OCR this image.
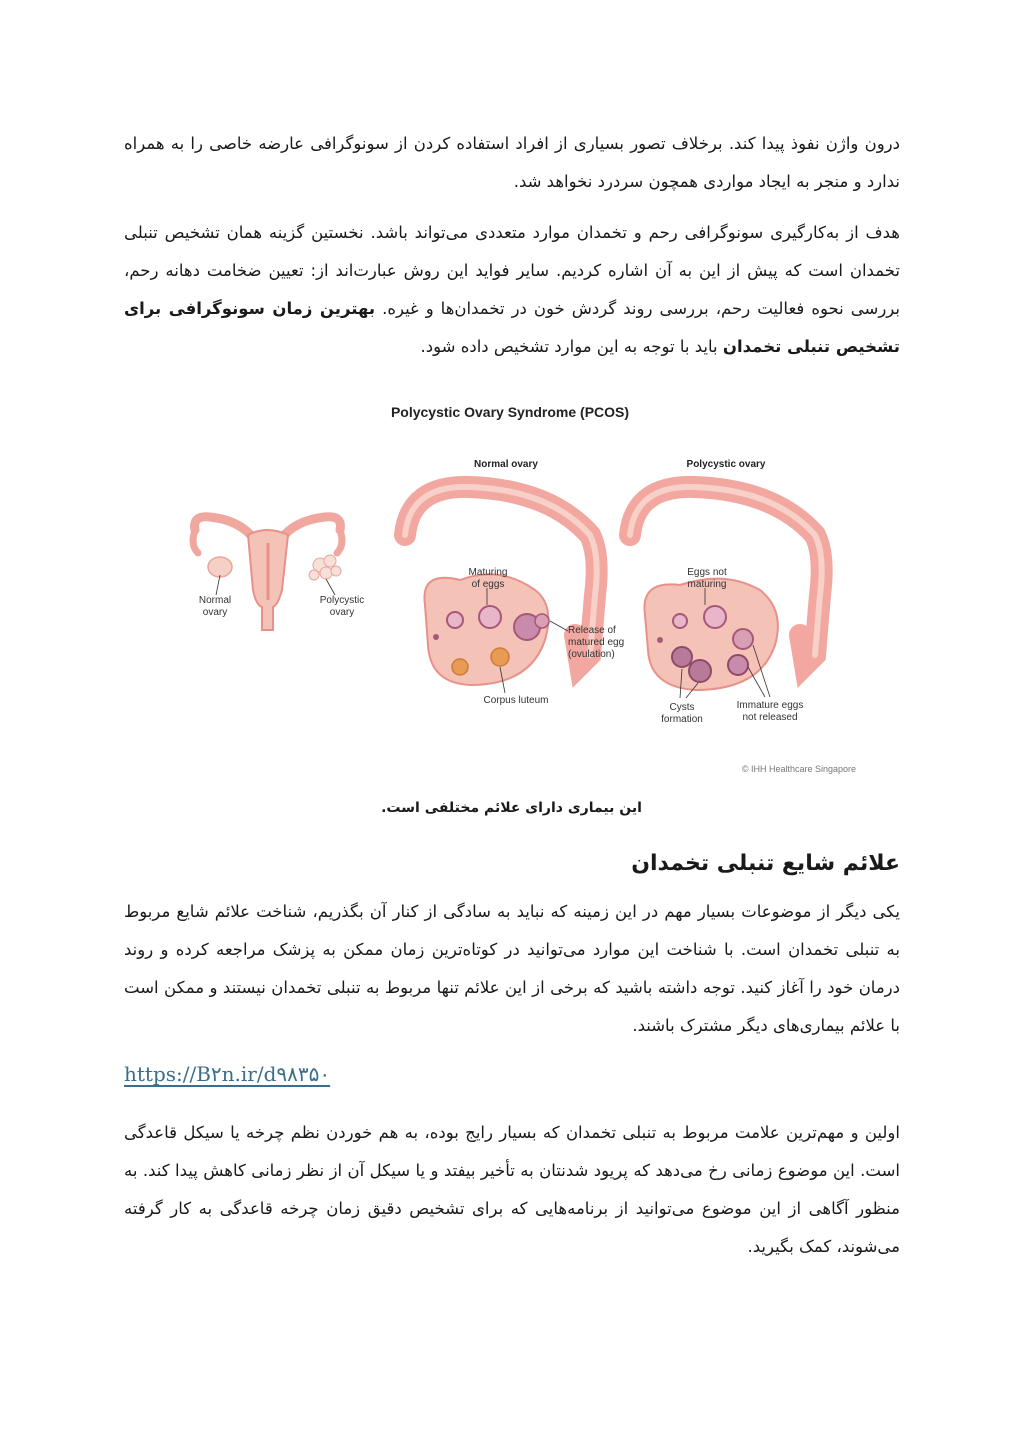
درون واژن نفوذ پیدا کند. برخلاف تصور بسیاری از افراد استفاده کردن از سونوگرافی عارضه خاصی را به همراه ندارد و منجر به ایجاد مواردی همچون سردرد نخواهد شد.

هدف از به‌کارگیری سونوگرافی رحم و تخمدان موارد متعددی می‌تواند باشد. نخستین گزینه همان تشخیص تنبلی تخمدان است که پیش از این به آن اشاره کردیم. سایر فواید این روش عبارت‌اند از: تعیین ضخامت دهانه رحم، بررسی نحوه فعالیت رحم، بررسی روند گردش خون در تخمدان‌ها و غیره. بهترین زمان سونوگرافی برای تشخیص تنبلی تخمدان باید با توجه به این موارد تشخیص داده شود.

Polycystic Ovary Syndrome (PCOS)
Normal
ovary
Polycystic
ovary
Normal ovary
Maturing
of eggs
Release of
matured egg
(ovulation)
Corpus luteum
Polycystic ovary
Eggs not
maturing
Cysts
formation
Immature eggs
not released
© IHH Healthcare Singapore
این بیماری دارای علائم مختلفی است.
علائم شایع تنبلی تخمدان

یکی دیگر از موضوعات بسیار مهم در این زمینه که نباید به سادگی از کنار آن بگذریم، شناخت علائم شایع مربوط به تنبلی تخمدان است. با شناخت این موارد می‌توانید در کوتاه‌ترین زمان ممکن به پزشک مراجعه کرده و روند درمان خود را آغاز کنید. توجه داشته باشید که برخی از این علائم تنها مربوط به تنبلی تخمدان نیستند و ممکن است با علائم بیماری‌های دیگر مشترک باشند.

https://B۲n.ir/d۹۸۳۵۰

اولین و مهم‌ترین علامت مربوط به تنبلی تخمدان که بسیار رایج بوده، به هم خوردن نظم چرخه یا سیکل قاعدگی است. این موضوع زمانی رخ می‌دهد که پریود شدنتان به تأخیر بیفتد و یا سیکل آن از نظر زمانی کاهش پیدا کند. به منظور آگاهی از این موضوع می‌توانید از برنامه‌هایی که برای تشخیص دقیق زمان چرخه قاعدگی به کار گرفته می‌شوند، کمک بگیرید.
